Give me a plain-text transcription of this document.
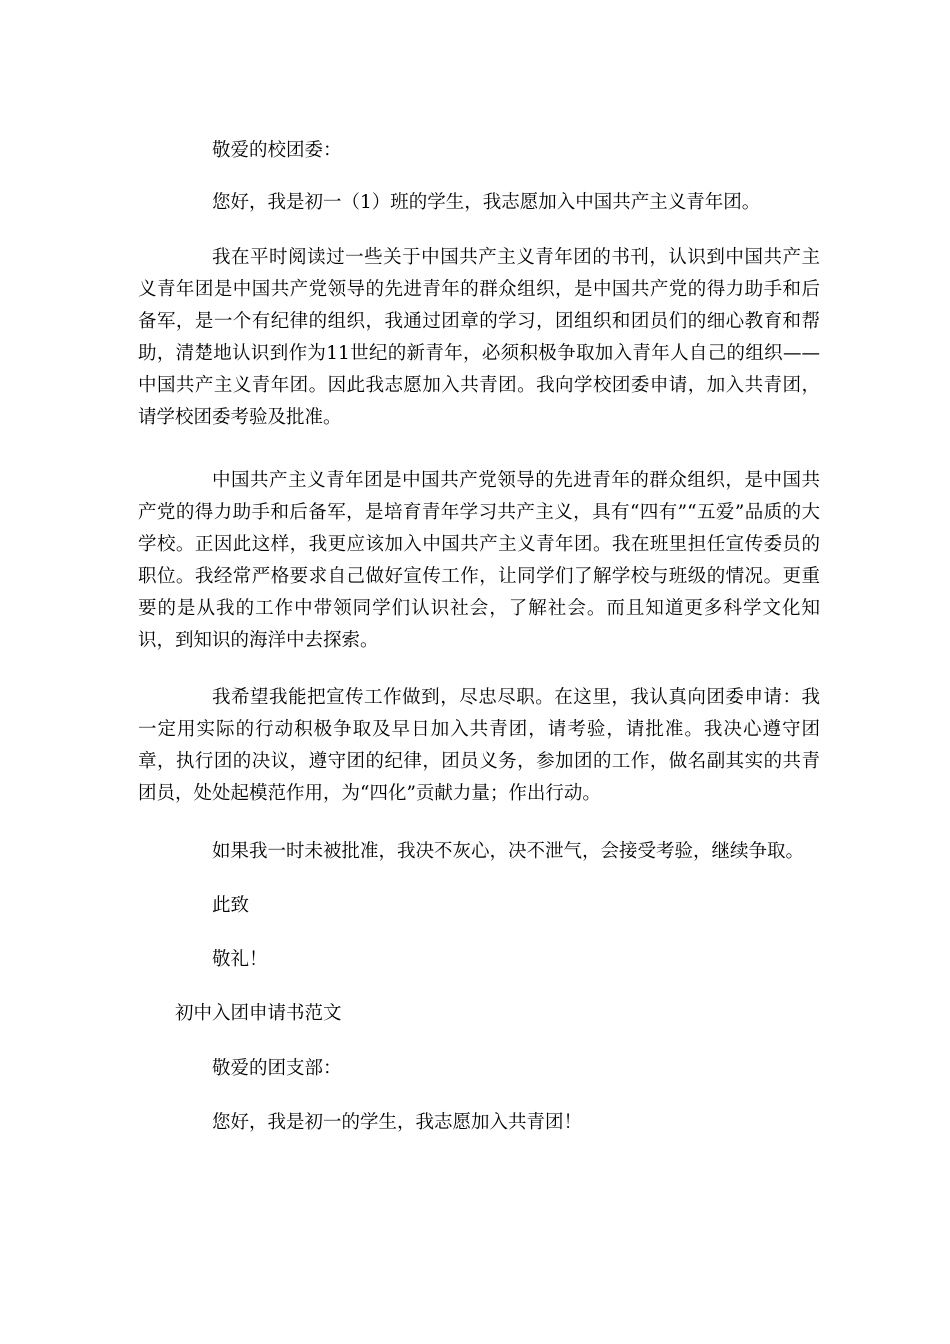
敬爱的校团委：

您好，我是初一（1）班的学生，我志愿加入中国共产主义青年团。

我在平时阅读过一些关于中国共产主义青年团的书刊，认识到中国共产主义青年团是中国共产党领导的先进青年的群众组织，是中国共产党的得力助手和后备军，是一个有纪律的组织，我通过团章的学习，团组织和团员们的细心教育和帮助，清楚地认识到作为11世纪的新青年，必须积极争取加入青年人自己的组织——中国共产主义青年团。因此我志愿加入共青团。我向学校团委申请，加入共青团，请学校团委考验及批准。

中国共产主义青年团是中国共产党领导的先进青年的群众组织，是中国共产党的得力助手和后备军，是培育青年学习共产主义，具有“四有”“五爱”品质的大学校。正因此这样，我更应该加入中国共产主义青年团。我在班里担任宣传委员的职位。我经常严格要求自己做好宣传工作，让同学们了解学校与班级的情况。更重要的是从我的工作中带领同学们认识社会，了解社会。而且知道更多科学文化知识，到知识的海洋中去探索。

我希望我能把宣传工作做到，尽忠尽职。在这里，我认真向团委申请：我一定用实际的行动积极争取及早日加入共青团，请考验，请批准。我决心遵守团章，执行团的决议，遵守团的纪律，团员义务，参加团的工作，做名副其实的共青团员，处处起模范作用，为“四化”贡献力量；作出行动。

如果我一时未被批准，我决不灰心，决不泄气，会接受考验，继续争取。

此致

敬礼！

初中入团申请书范文

敬爱的团支部：

您好，我是初一的学生，我志愿加入共青团！
